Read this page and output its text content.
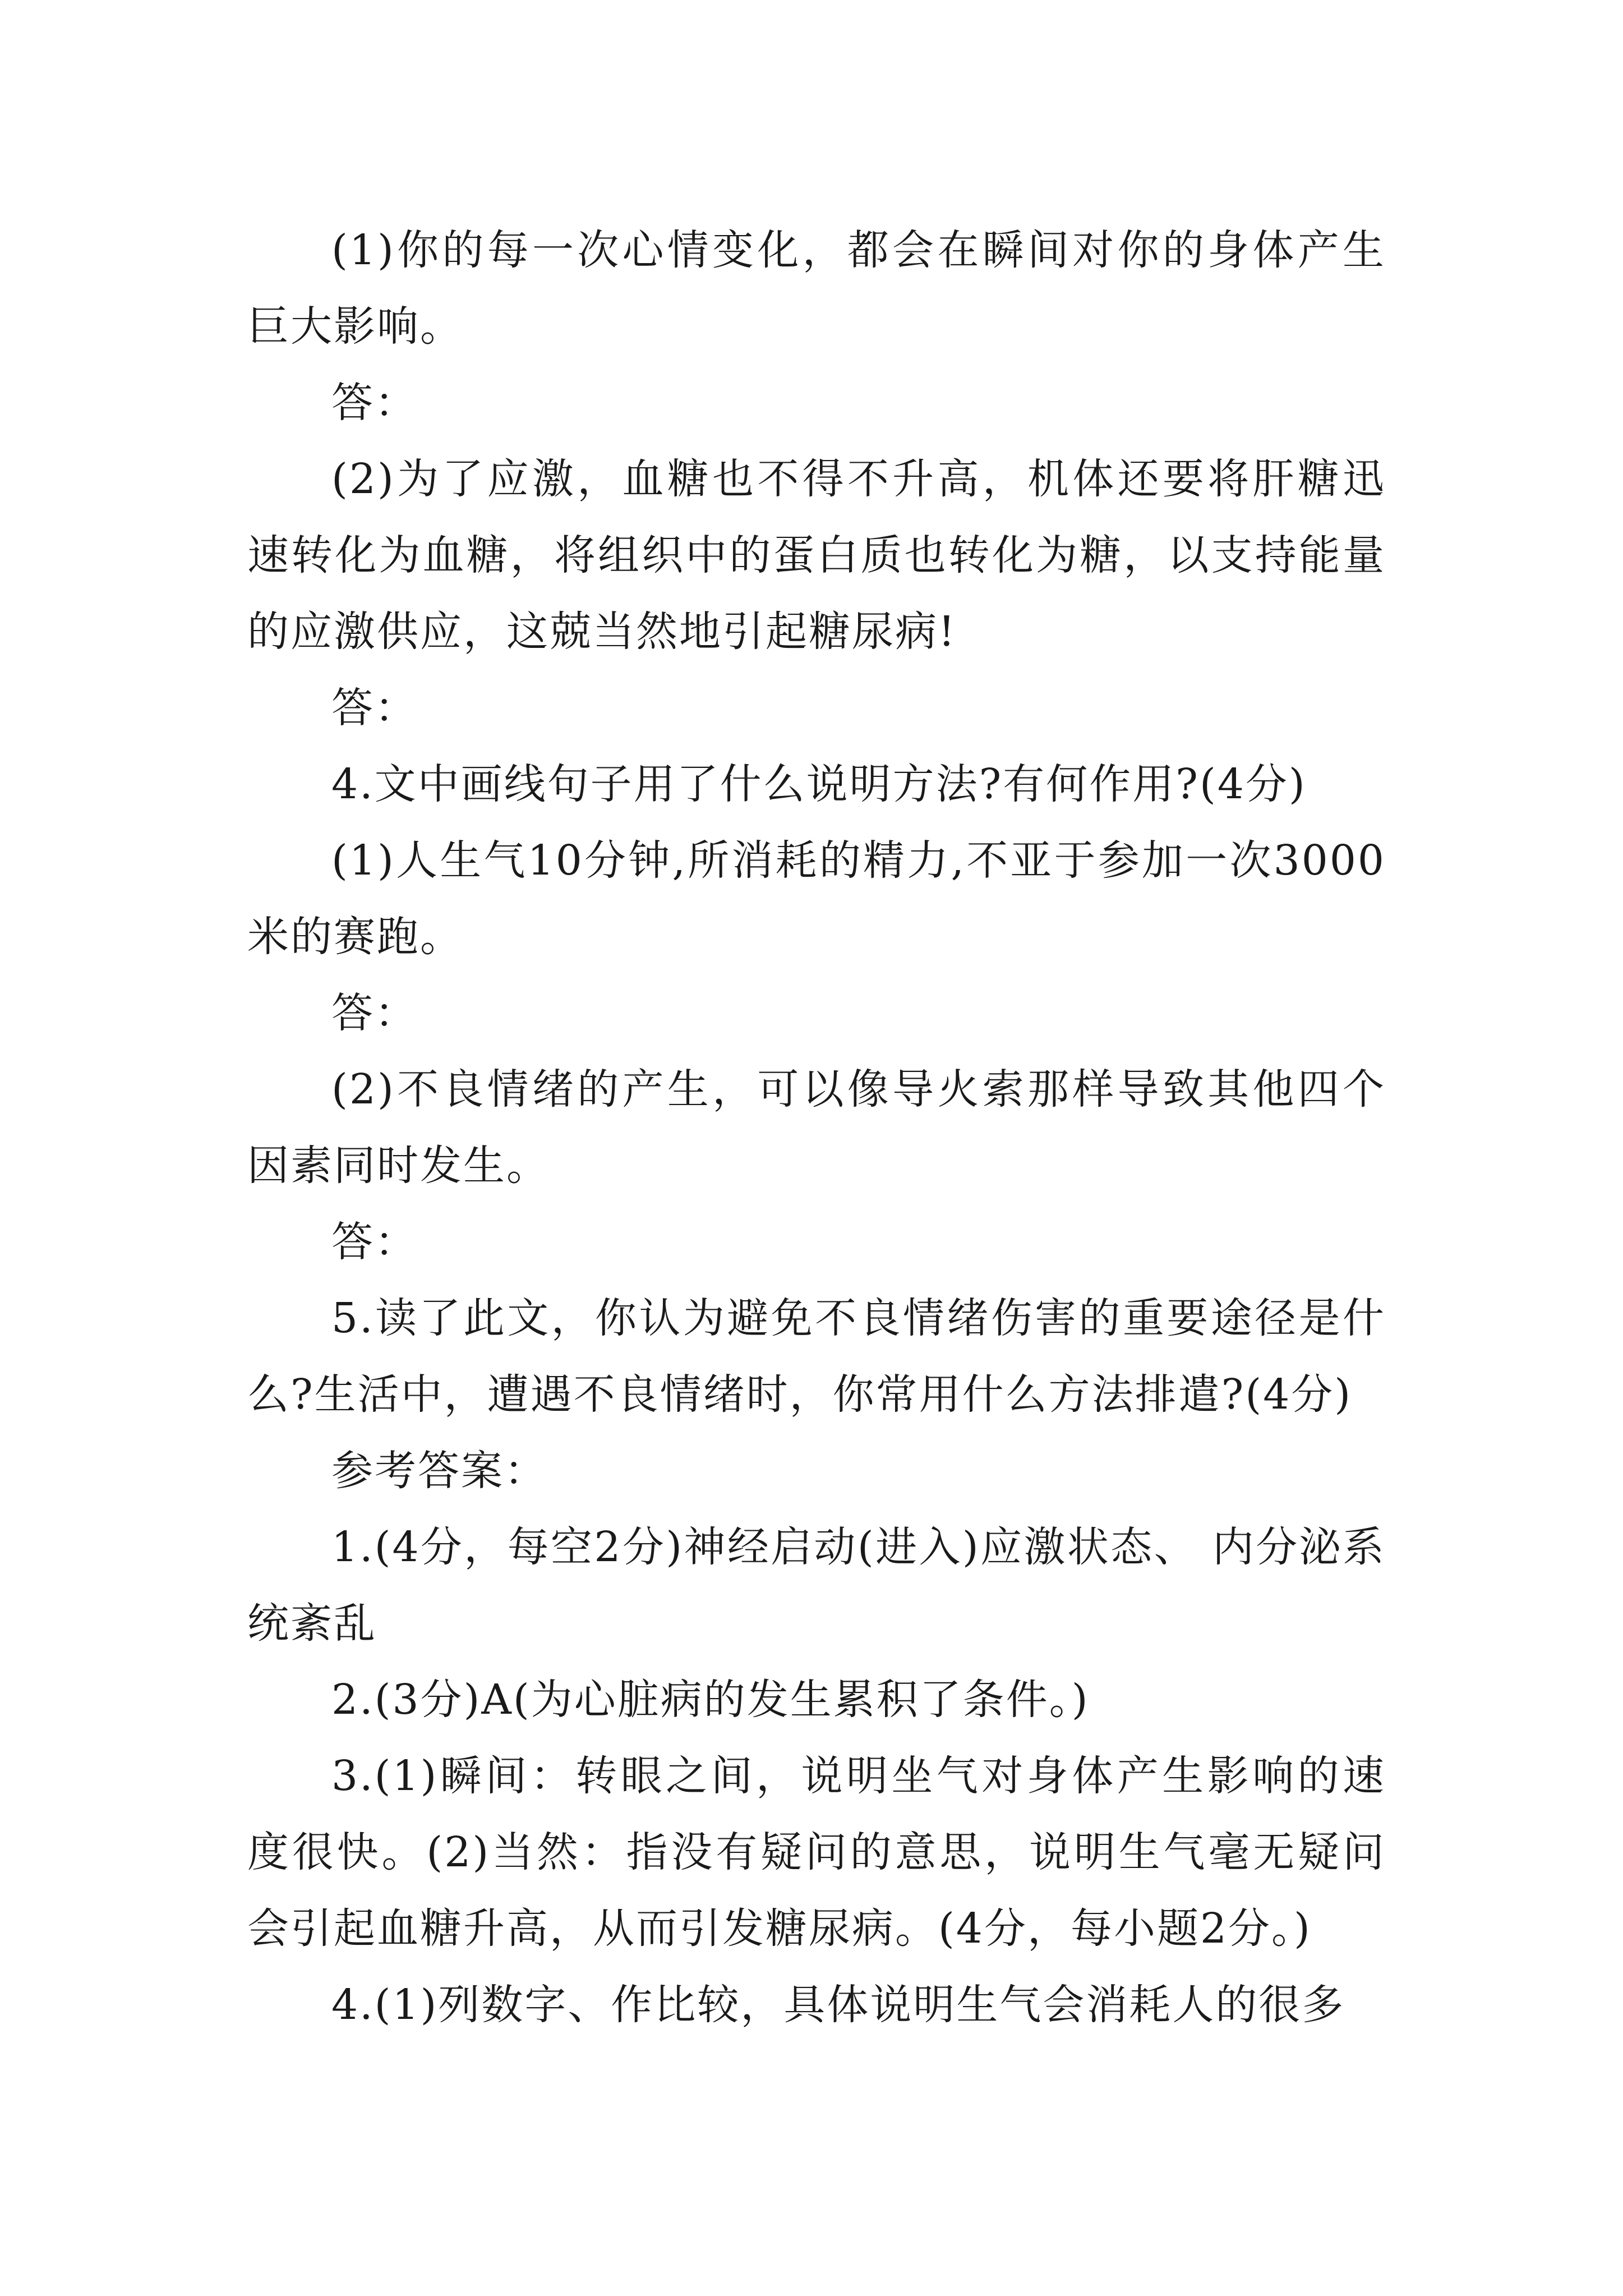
(1)你的每一次心情变化，都会在瞬间对你的身体产生巨大影响。

答：

(2)为了应激，血糖也不得不升高，机体还要将肝糖迅速转化为血糖，将组织中的蛋白质也转化为糖，以支持能量的应激供应，这兢当然地引起糖尿病!

答：

4.文中画线句子用了什么说明方法?有何作用?(4分)

(1)人生气10分钟,所消耗的精力,不亚于参加一次3000米的赛跑。

答：

(2)不良情绪的产生，可以像导火索那样导致其他四个因素同时发生。

答：

5.读了此文，你认为避免不良情绪伤害的重要途径是什么?生活中，遭遇不良情绪时，你常用什么方法排遣?(4分)

参考答案：

1.(4分，每空2分)神经启动(进入)应激状态、 内分泌系统紊乱

2.(3分)A(为心脏病的发生累积了条件。)

3.(1)瞬间：转眼之间，说明坐气对身体产生影响的速度很快。(2)当然：指没有疑问的意思，说明生气毫无疑问会引起血糖升高，从而引发糖尿病。(4分，每小题2分。)

4.(1)列数字、作比较，具体说明生气会消耗人的很多
